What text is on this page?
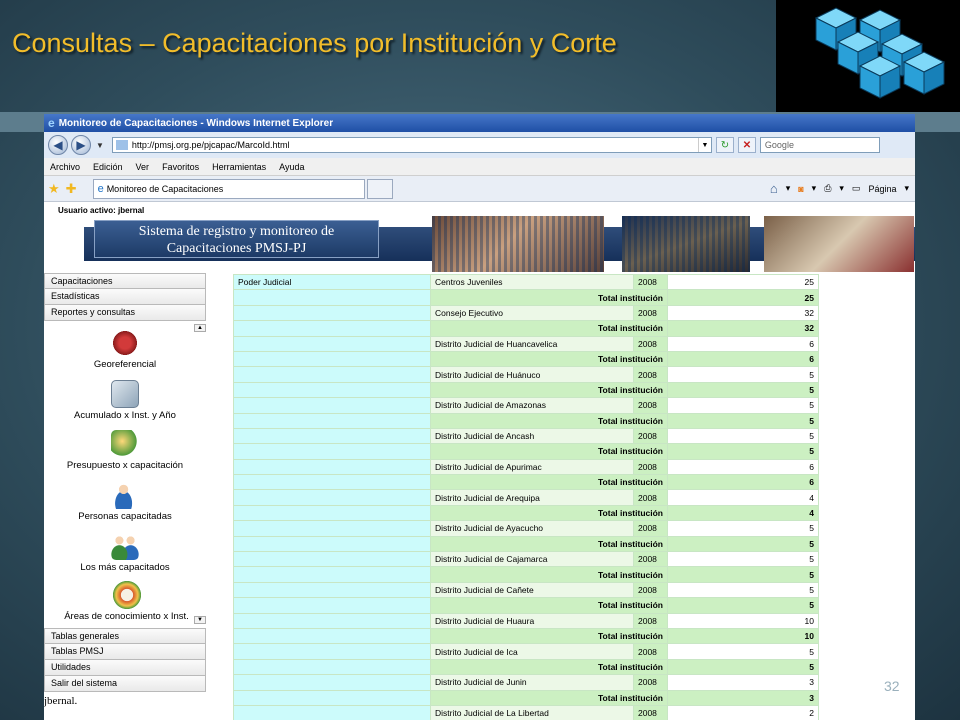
Consultas – Capacitaciones por Institución y Corte
e Monitoreo de Capacitaciones - Windows Internet Explorer
◀ ▶ ▼	http://pmsj.org.pe/pjcapac/MarcoId.html	▼ ↻ ✕ Google
Archivo Edición Ver Favoritos Herramientas Ayuda
★ ✚ e Monitoreo de Capacitaciones	⌂ ▾ ◙ ▾ ⎙ ▾ ▭ Página ▾
Usuario activo: jbernal
Sistema de registro y monitoreo de
Capacitaciones PMSJ-PJ
Capacitaciones
Estadísticas
Reportes y consultas
▲
Georeferencial
Acumulado x Inst. y Año
Presupuesto x capacitación
Personas capacitadas
Los más capacitados
Áreas de conocimiento x Inst.	▼
Tablas generales
Tablas PMSJ
Utilidades
Salir del sistema
jbernal.
Poder Judicial	Centros Juveniles	2008	25
	Total institución		25
	Consejo Ejecutivo	2008	32
	Total institución		32
	Distrito Judicial de Huancavelica	2008	6
	Total institución		6
	Distrito Judicial de Huánuco	2008	5
	Total institución		5
	Distrito Judicial de Amazonas	2008	5
	Total institución		5
	Distrito Judicial de Ancash	2008	5
	Total institución		5
	Distrito Judicial de Apurimac	2008	6
	Total institución		6
	Distrito Judicial de Arequipa	2008	4
	Total institución		4
	Distrito Judicial de Ayacucho	2008	5
	Total institución		5
	Distrito Judicial de Cajamarca	2008	5
	Total institución		5
	Distrito Judicial de Cañete	2008	5
	Total institución		5
	Distrito Judicial de Huaura	2008	10
	Total institución		10
	Distrito Judicial de Ica	2008	5
	Total institución		5
	Distrito Judicial de Junin	2008	3
	Total institución		3
	Distrito Judicial de La Libertad	2008	2
32
